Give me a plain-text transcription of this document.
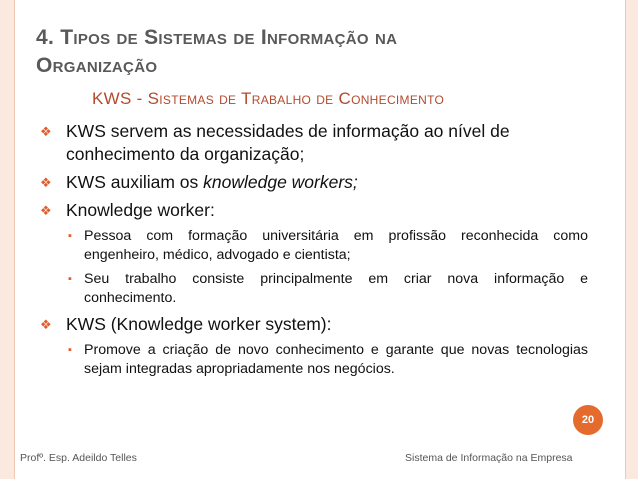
4. Tipos de Sistemas de Informação na
Organização
KWS - Sistemas de Trabalho de Conhecimento
❖ KWS servem as necessidades de informação ao nível de conhecimento da organização;
❖ KWS auxiliam os knowledge workers;
❖ Knowledge worker:
▪ Pessoa com formação universitária em profissão reconhecida como engenheiro, médico, advogado e cientista;
▪ Seu trabalho consiste principalmente em criar nova informação e conhecimento.
❖ KWS (Knowledge worker system):
▪ Promove a criação de novo conhecimento e garante que novas tecnologias sejam integradas apropriadamente nos negócios.
20
Profº. Esp. Adeildo Telles	Sistema de Informação na Empresa
